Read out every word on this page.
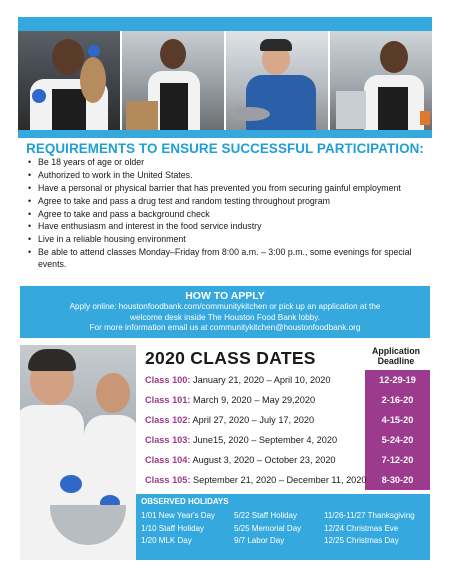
REQUIREMENTS TO ENSURE SUCCESSFUL PARTICIPATION:
• Be 18 years of age or older
• Authorized to work in the United States.
• Have a personal or physical barrier that has prevented you from securing gainful employment
• Agree to take and pass a drug test and random testing throughout program
• Agree to take and pass a background check
• Have enthusiasm and interest in the food service industry
• Live in a reliable housing environment
• Be able to attend classes Monday–Friday from 8:00 a.m. – 3:00 p.m., some evenings for special events.
HOW TO APPLY
Apply online: houstonfoodbank.com/communitykitchen or pick up an application at the
welcome desk inside The Houston Food Bank lobby.
For more information email us at communitykitchen@houstonfoodbank.org
2020 CLASS DATES	Application
Deadline
Class 100: January 21, 2020 – April 10, 2020	12-29-19
Class 101: March 9, 2020 – May 29,2020	2-16-20
Class 102: April 27, 2020 – July 17, 2020	4-15-20
Class 103: June15, 2020 – September 4, 2020	5-24-20
Class 104: August 3, 2020 – October 23, 2020	7-12-20
Class 105: September 21, 2020 – December 11, 2020	8-30-20
OBSERVED HOLIDAYS
1/01 New Year's Day
1/10 Staff Holiday
1/20 MLK Day
5/22 Staff Holiday
5/25 Memorial Day
9/7 Labor Day
11/26-11/27 Thanksgiving
12/24 Christmas Eve
12/25 Christmas Day
